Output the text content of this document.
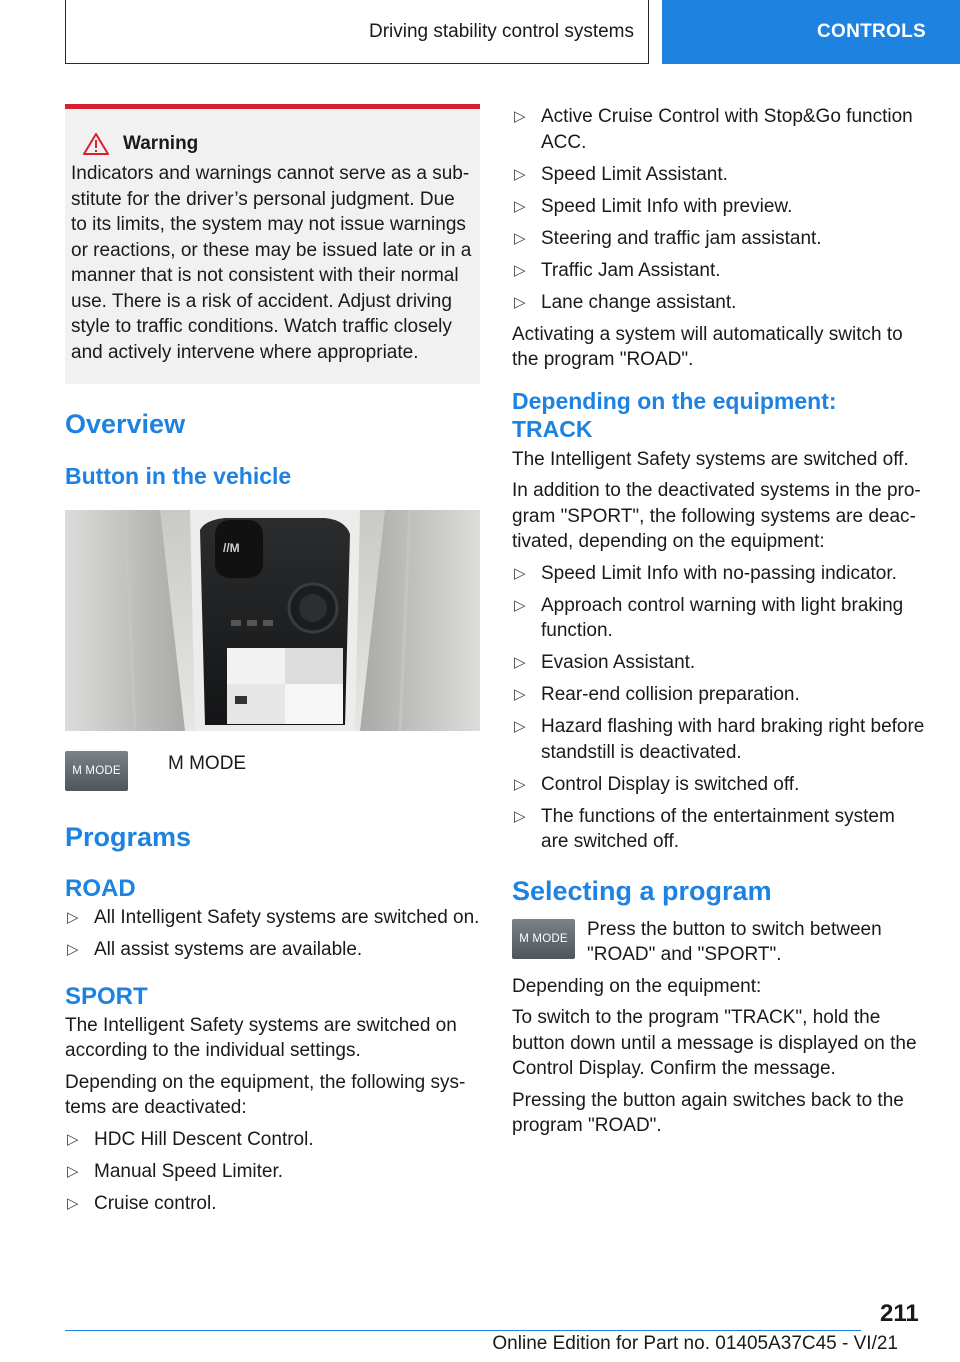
Driving stability control systems	CONTROLS
Warning

Indicators and warnings cannot serve as a sub-

stitute for the driver’s personal judgment. Due

to its limits, the system may not issue warnings

or reactions, or these may be issued late or in a

manner that is not consistent with their normal

use. There is a risk of accident. Adjust driving

style to traffic conditions. Watch traffic closely

and actively intervene where appropriate.

Overview
Button in the vehicle
//M
M MODE	M MODE
Programs
ROAD
▷ All Intelligent Safety systems are switched on.
▷ All assist systems are available.
SPORT

The Intelligent Safety systems are switched on

according to the individual settings.

Depending on the equipment, the following sys-

tems are deactivated:

▷ HDC Hill Descent Control.
▷ Manual Speed Limiter.
▷ Cruise control.
▷ Active Cruise Control with Stop&Go function
ACC.
▷ Speed Limit Assistant.
▷ Speed Limit Info with preview.
▷ Steering and traffic jam assistant.
▷ Traffic Jam Assistant.
▷ Lane change assistant.

Activating a system will automatically switch to

the program "ROAD".

Depending on the equipment:
TRACK

The Intelligent Safety systems are switched off.

In addition to the deactivated systems in the pro-

gram "SPORT", the following systems are deac-

tivated, depending on the equipment:

▷ Speed Limit Info with no-passing indicator.
▷ Approach control warning with light braking
function.
▷ Evasion Assistant.
▷ Rear-end collision preparation.
▷ Hazard flashing with hard braking right before
standstill is deactivated.
▷ Control Display is switched off.
▷ The functions of the entertainment system
are switched off.
Selecting a program
M MODE	Press the button to switch between

"ROAD" and "SPORT".

Depending on the equipment:

To switch to the program "TRACK", hold the

button down until a message is displayed on the

Control Display. Confirm the message.

Pressing the button again switches back to the

program "ROAD".

211
Online Edition for Part no. 01405A37C45 - VI/21
